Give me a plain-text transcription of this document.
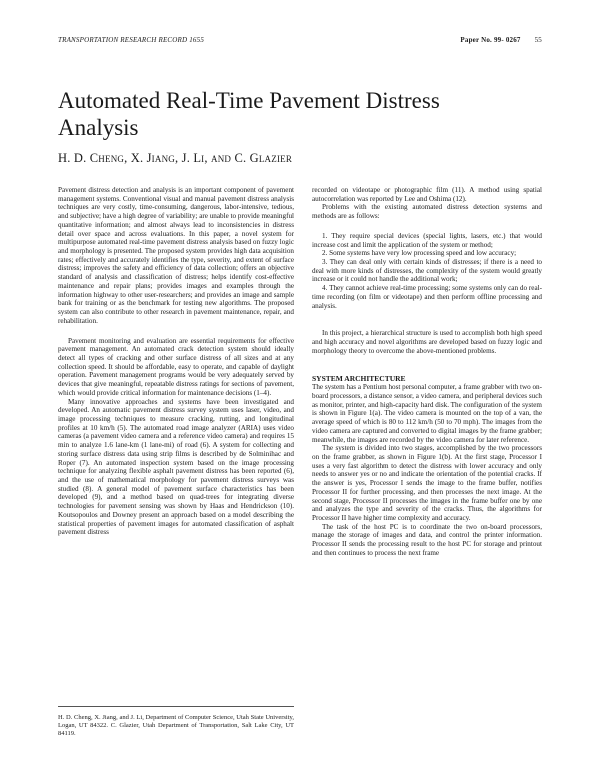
TRANSPORTATION RESEARCH RECORD 1655	Paper No. 99- 0267 55
Automated Real-Time Pavement Distress Analysis
H. D. Cheng, X. Jiang, J. Li, and C. Glazier

Pavement distress detection and analysis is an important component of pavement management systems. Conventional visual and manual pavement distress analysis techniques are very costly, time-consuming, dangerous, labor-intensive, tedious, and subjective; have a high degree of variability; are unable to provide meaningful quantitative information; and almost always lead to inconsistencies in distress detail over space and across evaluations. In this paper, a novel system for multipurpose automated real-time pavement distress analysis based on fuzzy logic and morphology is presented. The proposed system provides high data acquisition rates; effectively and accurately identifies the type, severity, and extent of surface distress; improves the safety and efficiency of data collection; offers an objective standard of analysis and classification of distress; helps identify cost-effective maintenance and repair plans; provides images and examples through the information highway to other user-researchers; and provides an image and sample bank for training or as the benchmark for testing new algorithms. The proposed system can also contribute to other research in pavement maintenance, repair, and rehabilitation.

Pavement monitoring and evaluation are essential requirements for effective pavement management. An automated crack detection system should ideally detect all types of cracking and other surface distress of all sizes and at any collection speed. It should be affordable, easy to operate, and capable of daylight operation. Pavement management programs would be very adequately served by devices that give meaningful, repeatable distress ratings for sections of pavement, which would provide critical information for maintenance decisions (1–4).

Many innovative approaches and systems have been investigated and developed. An automatic pavement distress survey system uses laser, video, and image processing techniques to measure cracking, rutting, and longitudinal profiles at 10 km/h (5). The automated road image analyzer (ARIA) uses video cameras (a pavement video camera and a reference video camera) and requires 15 min to analyze 1.6 lane-km (1 lane-mi) of road (6). A system for collecting and storing surface distress data using strip films is described by de Solminihac and Roper (7). An automated inspection system based on the image processing technique for analyzing flexible asphalt pavement distress has been reported (6), and the use of mathematical morphology for pavement distress surveys was studied (8). A general model of pavement surface characteristics has been developed (9), and a method based on quad-trees for integrating diverse technologies for pavement sensing was shown by Haas and Hendrickson (10). Koutsopoulos and Downey present an approach based on a model describing the statistical properties of pavement images for automated classification of asphalt pavement distress

H. D. Cheng, X. Jiang, and J. Li, Department of Computer Science, Utah State University, Logan, UT 84322. C. Glazier, Utah Department of Transportation, Salt Lake City, UT 84119.

recorded on videotape or photographic film (11). A method using spatial autocorrelation was reported by Lee and Oshima (12).

Problems with the existing automated distress detection systems and methods are as follows:

1. They require special devices (special lights, lasers, etc.) that would increase cost and limit the application of the system or method;

2. Some systems have very low processing speed and low accuracy;

3. They can deal only with certain kinds of distresses; if there is a need to deal with more kinds of distresses, the complexity of the system would greatly increase or it could not handle the additional work;

4. They cannot achieve real-time processing; some systems only can do real-time recording (on film or videotape) and then perform offline processing and analysis.

In this project, a hierarchical structure is used to accomplish both high speed and high accuracy and novel algorithms are developed based on fuzzy logic and morphology theory to overcome the above-mentioned problems.

SYSTEM ARCHITECTURE

The system has a Pentium host personal computer, a frame grabber with two on-board processors, a distance sensor, a video camera, and peripheral devices such as monitor, printer, and high-capacity hard disk. The configuration of the system is shown in Figure 1(a). The video camera is mounted on the top of a van, the average speed of which is 80 to 112 km/h (50 to 70 mph). The images from the video camera are captured and converted to digital images by the frame grabber; meanwhile, the images are recorded by the video camera for later reference.

The system is divided into two stages, accomplished by the two processors on the frame grabber, as shown in Figure 1(b). At the first stage, Processor I uses a very fast algorithm to detect the distress with lower accuracy and only needs to answer yes or no and indicate the orientation of the potential cracks. If the answer is yes, Processor I sends the image to the frame buffer, notifies Processor II for further processing, and then processes the next image. At the second stage, Processor II processes the images in the frame buffer one by one and analyzes the type and severity of the cracks. Thus, the algorithms for Processor II have higher time complexity and accuracy.

The task of the host PC is to coordinate the two on-board processors, manage the storage of images and data, and control the printer information. Processor II sends the processing result to the host PC for storage and printout and then continues to process the next frame
